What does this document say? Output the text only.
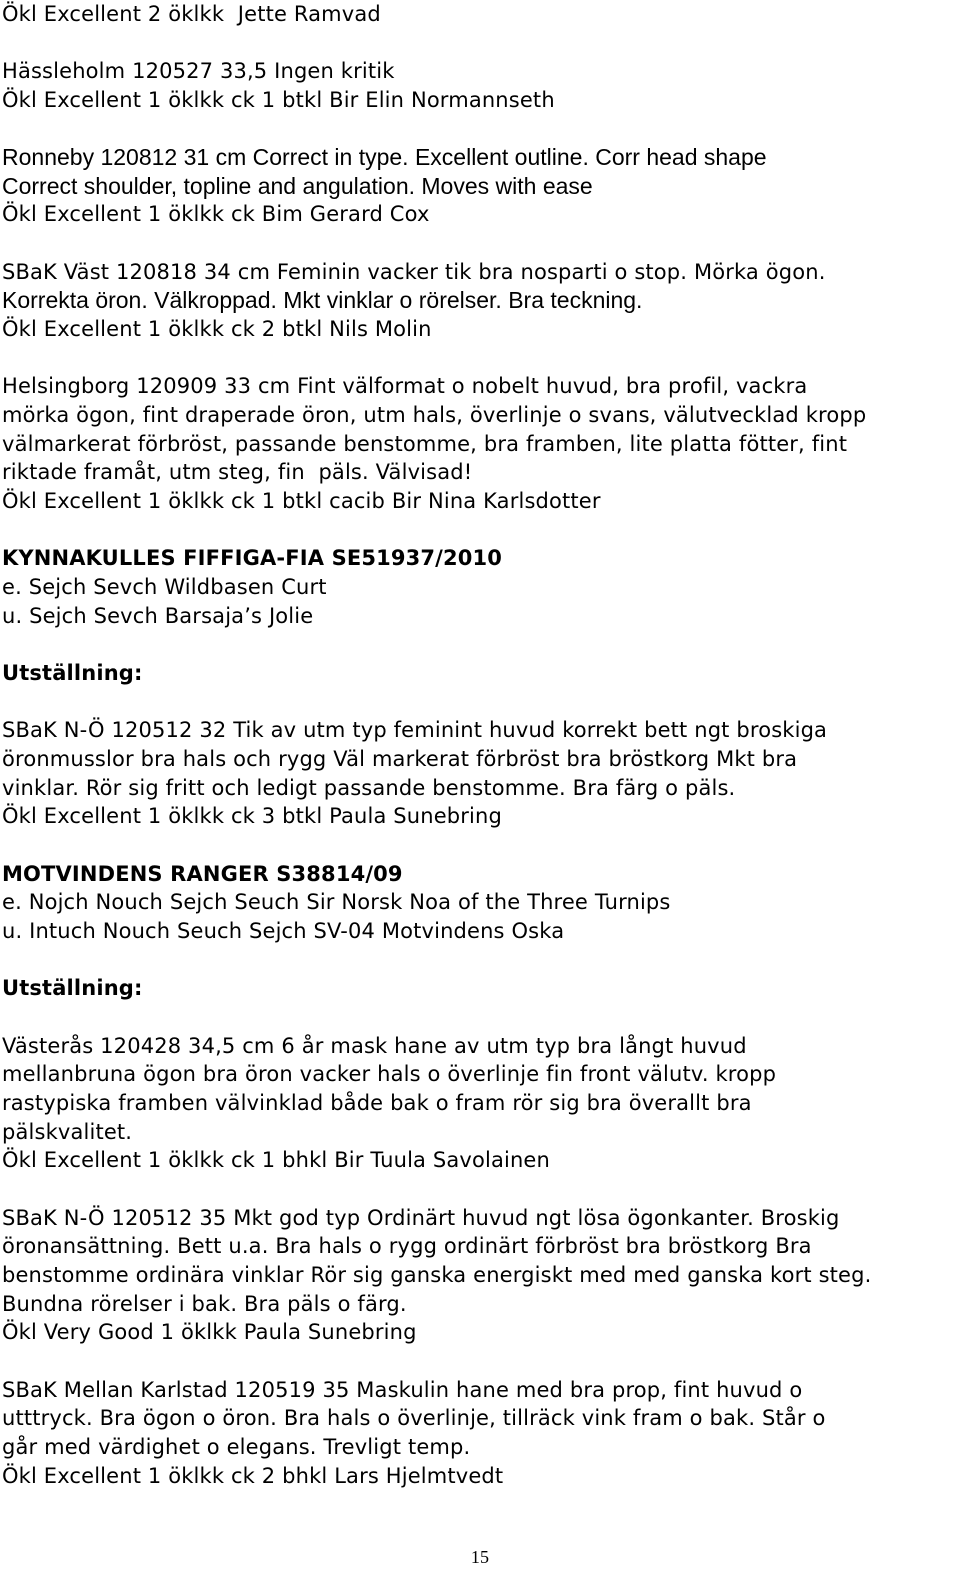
Ökl Excellent 2 öklkk  Jette Ramvad
Hässleholm 120527 33,5 Ingen kritik
Ökl Excellent 1 öklkk ck 1 btkl Bir Elin Normannseth
Ronneby 120812 31 cm Correct in type. Excellent outline. Corr head shape
Correct shoulder, topline and angulation. Moves with ease
Ökl Excellent 1 öklkk ck Bim Gerard Cox
SBaK Väst 120818 34 cm Feminin vacker tik bra nosparti o stop. Mörka ögon.
Korrekta öron. Välkroppad. Mkt vinklar o rörelser. Bra teckning.
Ökl Excellent 1 öklkk ck 2 btkl Nils Molin
Helsingborg 120909 33 cm Fint välformat o nobelt huvud, bra profil, vackra
mörka ögon, fint draperade öron, utm hals, överlinje o svans, välutvecklad kropp
välmarkerat förbröst, passande benstomme, bra framben, lite platta fötter, fint
riktade framåt, utm steg, fin  päls. Välvisad!
Ökl Excellent 1 öklkk ck 1 btkl cacib Bir Nina Karlsdotter
KYNNAKULLES FIFFIGA-FIA SE51937/2010
e. Sejch Sevch Wildbasen Curt
u. Sejch Sevch Barsaja’s Jolie
Utställning:
SBaK N-Ö 120512 32 Tik av utm typ feminint huvud korrekt bett ngt broskiga
öronmusslor bra hals och rygg Väl markerat förbröst bra bröstkorg Mkt bra
vinklar. Rör sig fritt och ledigt passande benstomme. Bra färg o päls.
Ökl Excellent 1 öklkk ck 3 btkl Paula Sunebring
MOTVINDENS RANGER S38814/09
e. Nojch Nouch Sejch Seuch Sir Norsk Noa of the Three Turnips
u. Intuch Nouch Seuch Sejch SV-04 Motvindens Oska
Utställning:
Västerås 120428 34,5 cm 6 år mask hane av utm typ bra långt huvud
mellanbruna ögon bra öron vacker hals o överlinje fin front välutv. kropp
rastypiska framben välvinklad både bak o fram rör sig bra överallt bra
pälskvalitet.
Ökl Excellent 1 öklkk ck 1 bhkl Bir Tuula Savolainen
SBaK N-Ö 120512 35 Mkt god typ Ordinärt huvud ngt lösa ögonkanter. Broskig
öronansättning. Bett u.a. Bra hals o rygg ordinärt förbröst bra bröstkorg Bra
benstomme ordinära vinklar Rör sig ganska energiskt med med ganska kort steg.
Bundna rörelser i bak. Bra päls o färg.
Ökl Very Good 1 öklkk Paula Sunebring
SBaK Mellan Karlstad 120519 35 Maskulin hane med bra prop, fint huvud o
utttryck. Bra ögon o öron. Bra hals o överlinje, tillräck vink fram o bak. Står o
går med värdighet o elegans. Trevligt temp.
Ökl Excellent 1 öklkk ck 2 bhkl Lars Hjelmtvedt
15
